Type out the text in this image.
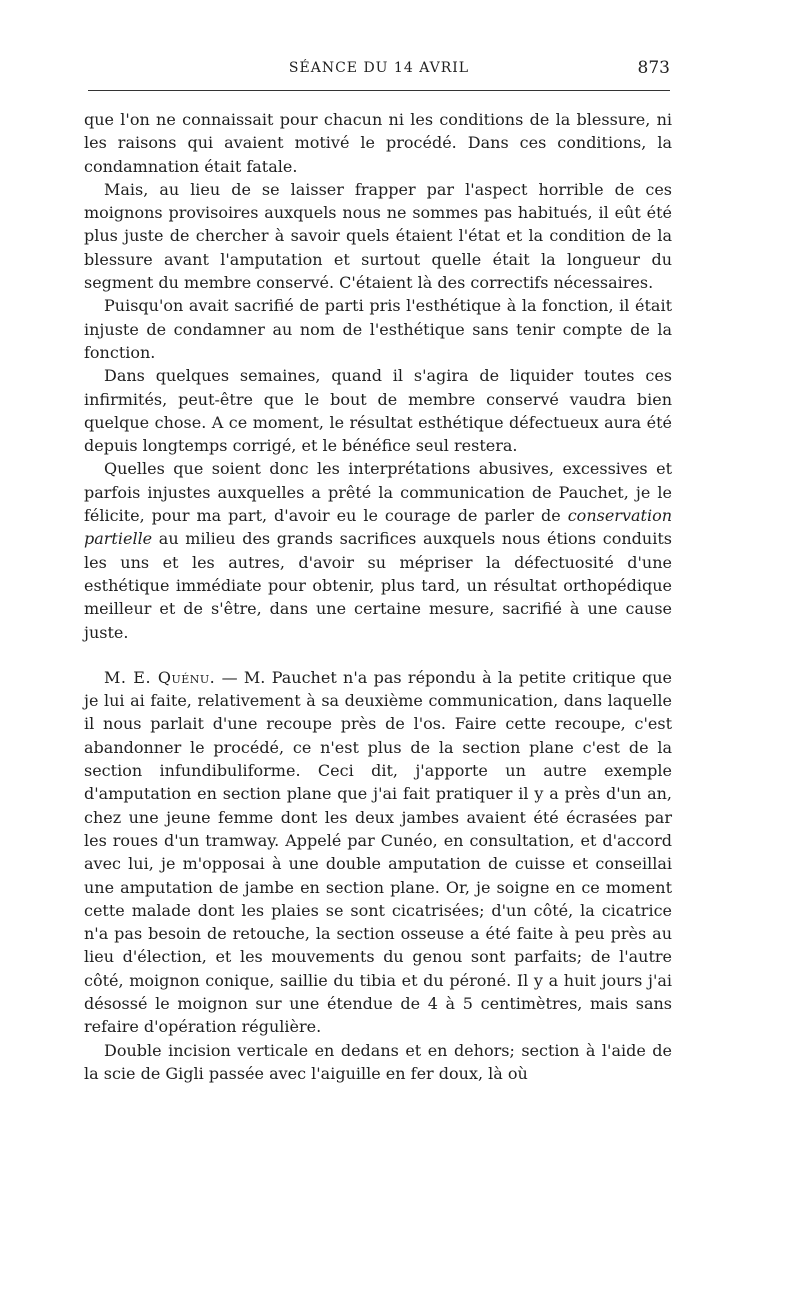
SÉANCE DU 14 AVRIL	873

que l'on ne connaissait pour chacun ni les conditions de la blessure, ni les raisons qui avaient motivé le procédé. Dans ces conditions, la condamnation était fatale.

Mais, au lieu de se laisser frapper par l'aspect horrible de ces moignons provisoires auxquels nous ne sommes pas habitués, il eût été plus juste de chercher à savoir quels étaient l'état et la condition de la blessure avant l'amputation et surtout quelle était la longueur du segment du membre conservé. C'étaient là des correctifs nécessaires.

Puisqu'on avait sacrifié de parti pris l'esthétique à la fonction, il était injuste de condamner au nom de l'esthétique sans tenir compte de la fonction.

Dans quelques semaines, quand il s'agira de liquider toutes ces infirmités, peut-être que le bout de membre conservé vaudra bien quelque chose. A ce moment, le résultat esthétique défectueux aura été depuis longtemps corrigé, et le bénéfice seul restera.

Quelles que soient donc les interprétations abusives, excessives et parfois injustes auxquelles a prêté la communication de Pauchet, je le félicite, pour ma part, d'avoir eu le courage de parler de conservation partielle au milieu des grands sacrifices auxquels nous étions conduits les uns et les autres, d'avoir su mépriser la défectuosité d'une esthétique immédiate pour obtenir, plus tard, un résultat orthopédique meilleur et de s'être, dans une certaine mesure, sacrifié à une cause juste.

M. E. Quénu. — M. Pauchet n'a pas répondu à la petite critique que je lui ai faite, relativement à sa deuxième communication, dans laquelle il nous parlait d'une recoupe près de l'os. Faire cette recoupe, c'est abandonner le procédé, ce n'est plus de la section plane c'est de la section infundibuliforme. Ceci dit, j'apporte un autre exemple d'amputation en section plane que j'ai fait pratiquer il y a près d'un an, chez une jeune femme dont les deux jambes avaient été écrasées par les roues d'un tramway. Appelé par Cunéo, en consultation, et d'accord avec lui, je m'opposai à une double amputation de cuisse et conseillai une amputation de jambe en section plane. Or, je soigne en ce moment cette malade dont les plaies se sont cicatrisées; d'un côté, la cicatrice n'a pas besoin de retouche, la section osseuse a été faite à peu près au lieu d'élection, et les mouvements du genou sont parfaits; de l'autre côté, moignon conique, saillie du tibia et du péroné. Il y a huit jours j'ai désossé le moignon sur une étendue de 4 à 5 centimètres, mais sans refaire d'opération régulière.

Double incision verticale en dedans et en dehors; section à l'aide de la scie de Gigli passée avec l'aiguille en fer doux, là où
